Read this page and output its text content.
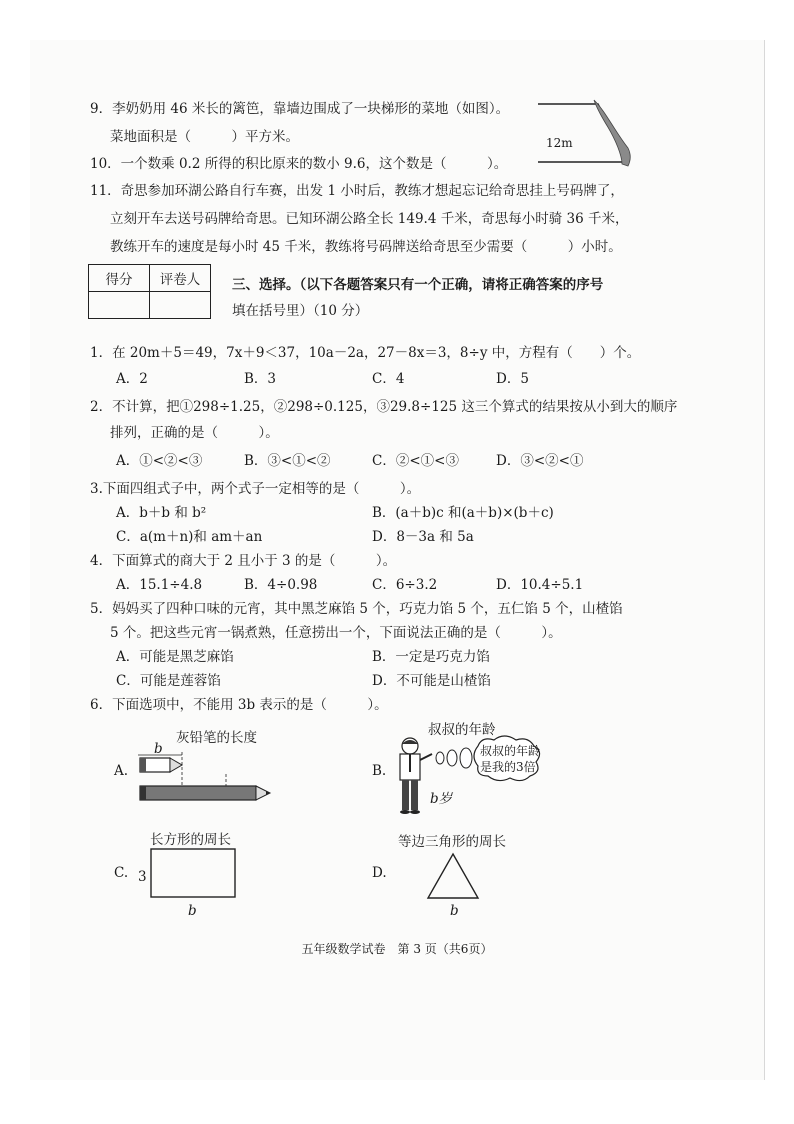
9．李奶奶用 46 米长的篱笆，靠墙边围成了一块梯形的菜地（如图）。
菜地面积是（　　　）平方米。	12m
10．一个数乘 0.2 所得的积比原来的数小 9.6，这个数是（　　　）。
11．奇思参加环湖公路自行车赛，出发 1 小时后，教练才想起忘记给奇思挂上号码牌了，
立刻开车去送号码牌给奇思。已知环湖公路全长 149.4 千米，奇思每小时骑 36 千米，
教练开车的速度是每小时 45 千米，教练将号码牌送给奇思至少需要（　　　）小时。
得分	评卷人
	三、选择。（以下各题答案只有一个正确，请将正确答案的序号
填在括号里）（10 分）
1．在 20m＋5＝49，7x＋9＜37，10a－2a，27－8x＝3，8÷y 中，方程有（　　）个。
A．2	B．3	C．4	D．5
2．不计算，把①298÷1.25，②298÷0.125，③29.8÷125 这三个算式的结果按从小到大的顺序
排列，正确的是（　　　）。
A．①<②<③	B．③<①<②	C．②<①<③	D．③<②<①
3.下面四组式子中，两个式子一定相等的是（　　　）。
A．b＋b 和 b²	B．(a＋b)c 和(a＋b)×(b＋c)
C．a(m＋n)和 am＋an	D．8－3a 和 5a
4．下面算式的商大于 2 且小于 3 的是（　　　）。
A．15.1÷4.8	B．4÷0.98	C．6÷3.2	D．10.4÷5.1
5．妈妈买了四种口味的元宵，其中黑芝麻馅 5 个，巧克力馅 5 个，五仁馅 5 个，山楂馅
5 个。把这些元宵一锅煮熟，任意捞出一个，下面说法正确的是（　　　）。
A．可能是黑芝麻馅	B．一定是巧克力馅
C．可能是莲蓉馅	D．不可能是山楂馅
6．下面选项中，不能用 3b 表示的是（　　　）。
灰铅笔的长度
A.
b
叔叔的年龄
B.
叔叔的年龄
是我的3倍
b岁
长方形的周长
C. 3
b
等边三角形的周长
D.
b
五年级数学试卷　第 3 页（共6页）
